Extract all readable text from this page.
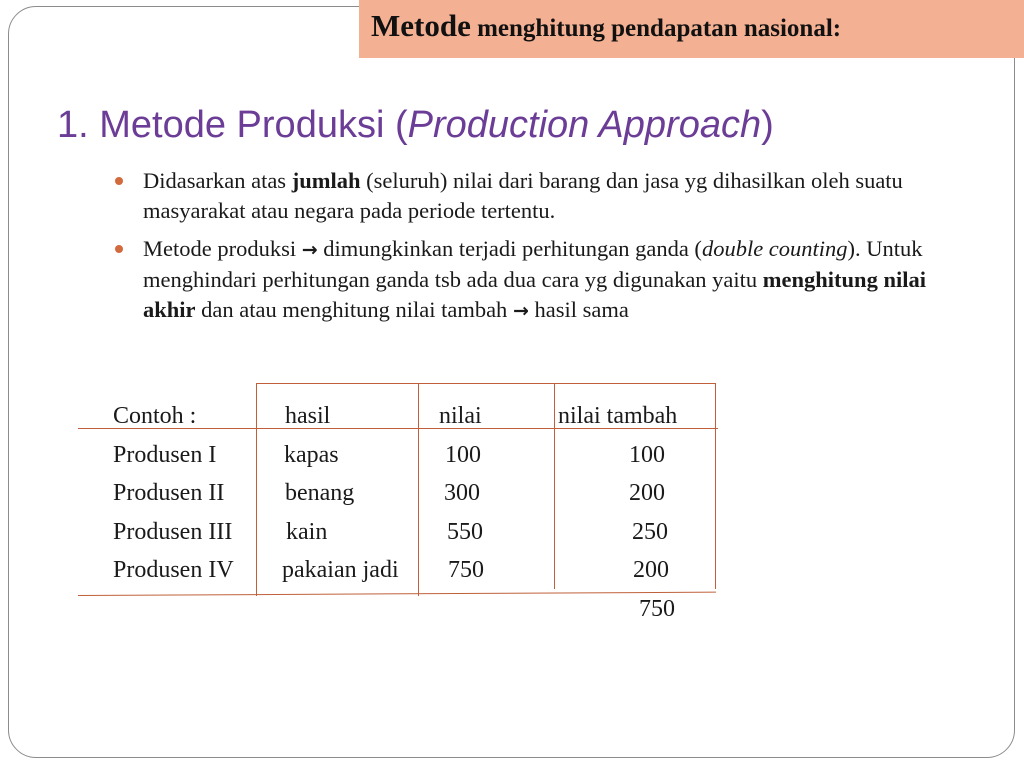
Metode menghitung pendapatan nasional:
1. Metode Produksi (Production Approach)
Didasarkan atas jumlah (seluruh) nilai dari barang dan jasa yg dihasilkan oleh suatu masyarakat atau negara pada periode tertentu.
Metode produksi → dimungkinkan terjadi perhitungan ganda (double counting). Untuk menghindari perhitungan ganda tsb ada dua cara yg digunakan yaitu menghitung nilai akhir dan atau menghitung nilai tambah → hasil sama
Contoh :	hasil	nilai	nilai tambah
Produsen I	kapas	100	100
Produsen II	benang	300	200
Produsen III kain	550	250
Produsen IV pakaian jadi 750	200
750
